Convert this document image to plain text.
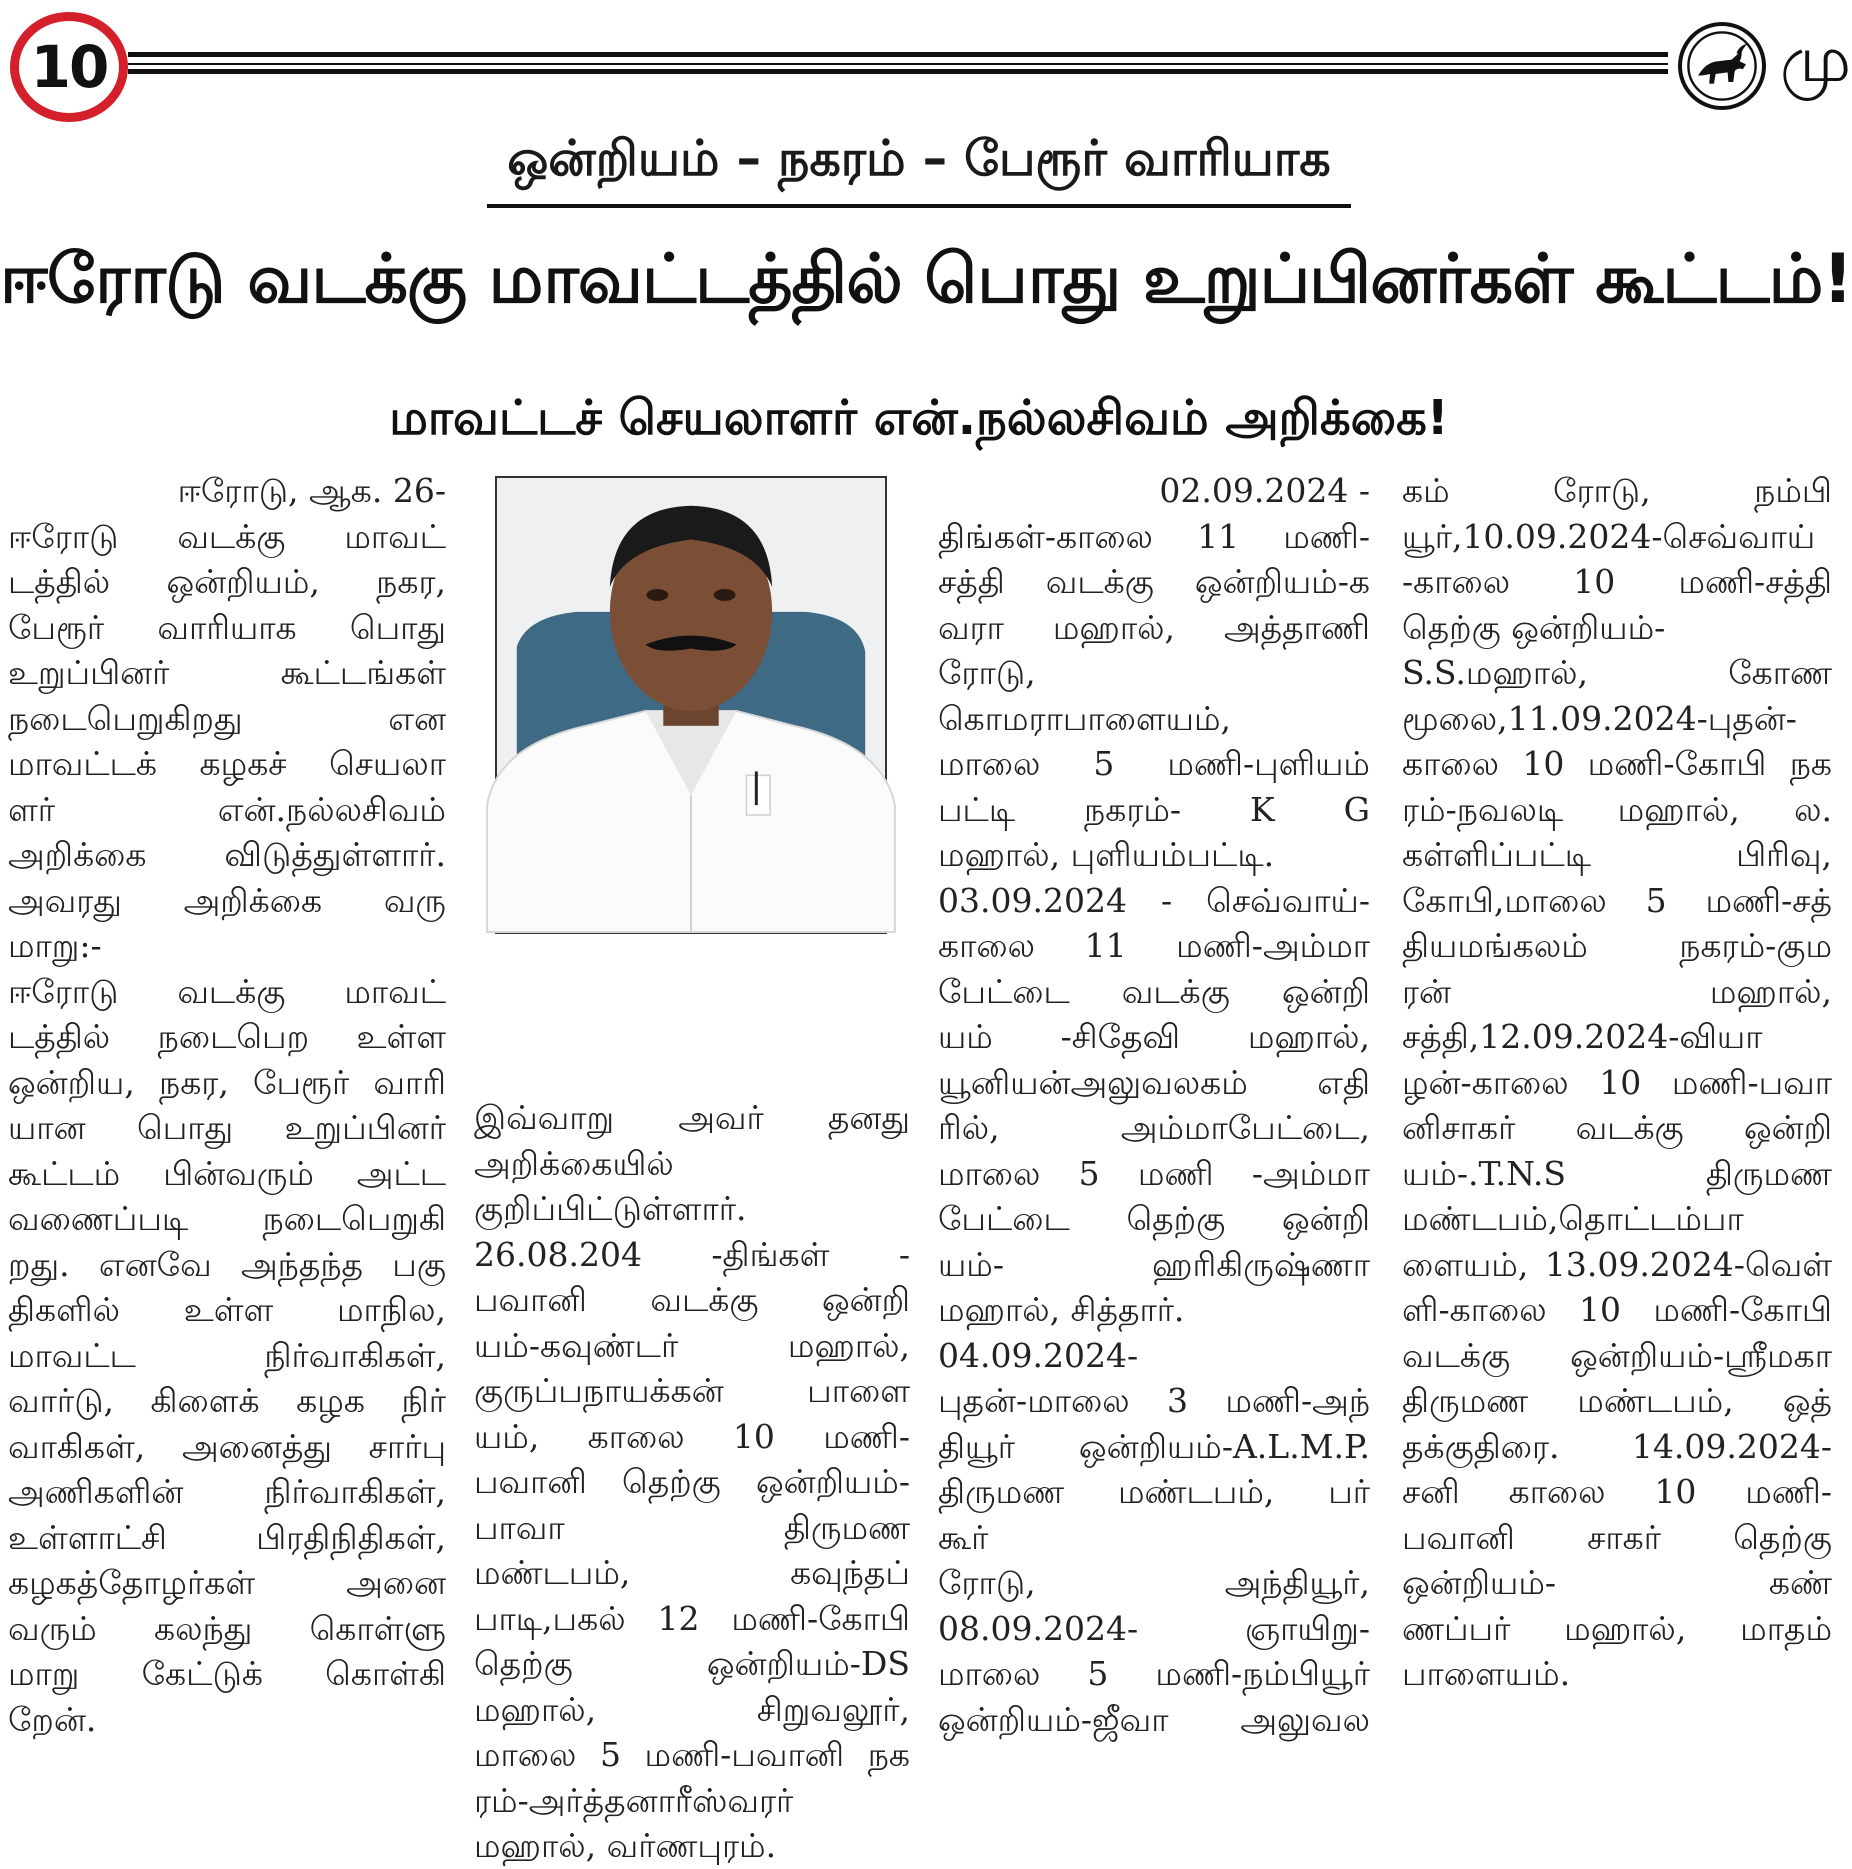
10	மு
ஒன்றியம் – நகரம் – பேரூர் வாரியாக
ஈரோடு வடக்கு மாவட்டத்தில் பொது உறுப்பினர்கள் கூட்டம்!
மாவட்டச் செயலாளர் என்.நல்லசிவம் அறிக்கை!

ஈரோடு, ஆக. 26-

ஈரோடு வடக்கு மாவட்

டத்தில் ஒன்றியம், நகர,

பேரூர் வாரியாக பொது

உறுப்பினர் கூட்டங்கள்

நடைபெறுகிறது என

மாவட்டக் கழகச் செயலா

ளர் என்.நல்லசிவம்

அறிக்கை விடுத்துள்ளார்.

அவரது அறிக்கை வரு

மாறு:-

ஈரோடு வடக்கு மாவட்

டத்தில் நடைபெற உள்ள

ஒன்றிய, நகர, பேரூர் வாரி

யான பொது உறுப்பினர்

கூட்டம் பின்வரும் அட்ட

வணைப்படி நடைபெறுகி

றது. எனவே அந்தந்த பகு

திகளில் உள்ள மாநில,

மாவட்ட நிர்வாகிகள்,

வார்டு, கிளைக் கழக நிர்

வாகிகள், அனைத்து சார்பு

அணிகளின் நிர்வாகிகள்,

உள்ளாட்சி பிரதிநிதிகள்,

கழகத்தோழர்கள் அனை

வரும் கலந்து கொள்ளு

மாறு கேட்டுக் கொள்கி

றேன்.

இவ்வாறு அவர் தனது

அறிக்கையில்

குறிப்பிட்டுள்ளார்.

26.08.204 -திங்கள் -

பவானி வடக்கு ஒன்றி

யம்-கவுண்டர் மஹால்,

குருப்பநாயக்கன் பாளை

யம், காலை 10 மணி-

பவானி தெற்கு ஒன்றியம்-

பாவா திருமண

மண்டபம், கவுந்தப்

பாடி,பகல் 12 மணி-கோபி

தெற்கு ஒன்றியம்-DS

மஹால், சிறுவலூர்,

மாலை 5 மணி-பவானி நக

ரம்-அர்த்தனாரீஸ்வரர்

மஹால், வர்ணபுரம்.

02.09.2024 -

திங்கள்-காலை 11 மணி-

சத்தி வடக்கு ஒன்றியம்-க

வரா மஹால், அத்தாணி

ரோடு,

கொமராபாளையம்,

மாலை 5 மணி-புளியம்

பட்டி நகரம்- K G

மஹால், புளியம்பட்டி.

03.09.2024 - செவ்வாய்-

காலை 11 மணி-அம்மா

பேட்டை வடக்கு ஒன்றி

யம் -சிதேவி மஹால்,

யூனியன்அலுவலகம் எதி

ரில், அம்மாபேட்டை,

மாலை 5 மணி -அம்மா

பேட்டை தெற்கு ஒன்றி

யம்- ஹரிகிருஷ்ணா

மஹால், சித்தார்.

04.09.2024-

புதன்-மாலை 3 மணி-அந்

தியூர் ஒன்றியம்-A.L.M.P.

திருமண மண்டபம், பர்

கூர்

ரோடு, அந்தியூர்,

08.09.2024- ஞாயிறு-

மாலை 5 மணி-நம்பியூர்

ஒன்றியம்-ஜீவா அலுவல

கம் ரோடு, நம்பி

யூர்,10.09.2024-செவ்வாய்

-காலை 10 மணி-சத்தி

தெற்கு ஒன்றியம்-

S.S.மஹால், கோண

மூலை,11.09.2024-புதன்-

காலை 10 மணி-கோபி நக

ரம்-நவலடி மஹால், ல.

கள்ளிப்பட்டி பிரிவு,

கோபி,மாலை 5 மணி-சத்

தியமங்கலம் நகரம்-கும

ரன் மஹால்,

சத்தி,12.09.2024-வியா

ழன்-காலை 10 மணி-பவா

னிசாகர் வடக்கு ஒன்றி

யம்-.T.N.S திருமண

மண்டபம்,தொட்டம்பா

ளையம், 13.09.2024-வெள்

ளி-காலை 10 மணி-கோபி

வடக்கு ஒன்றியம்-ஸ்ரீமகா

திருமண மண்டபம், ஒத்

தக்குதிரை. 14.09.2024-

சனி காலை 10 மணி-

பவானி சாகர் தெற்கு

ஒன்றியம்- கண்

ணப்பர் மஹால், மாதம்

பாளையம்.
